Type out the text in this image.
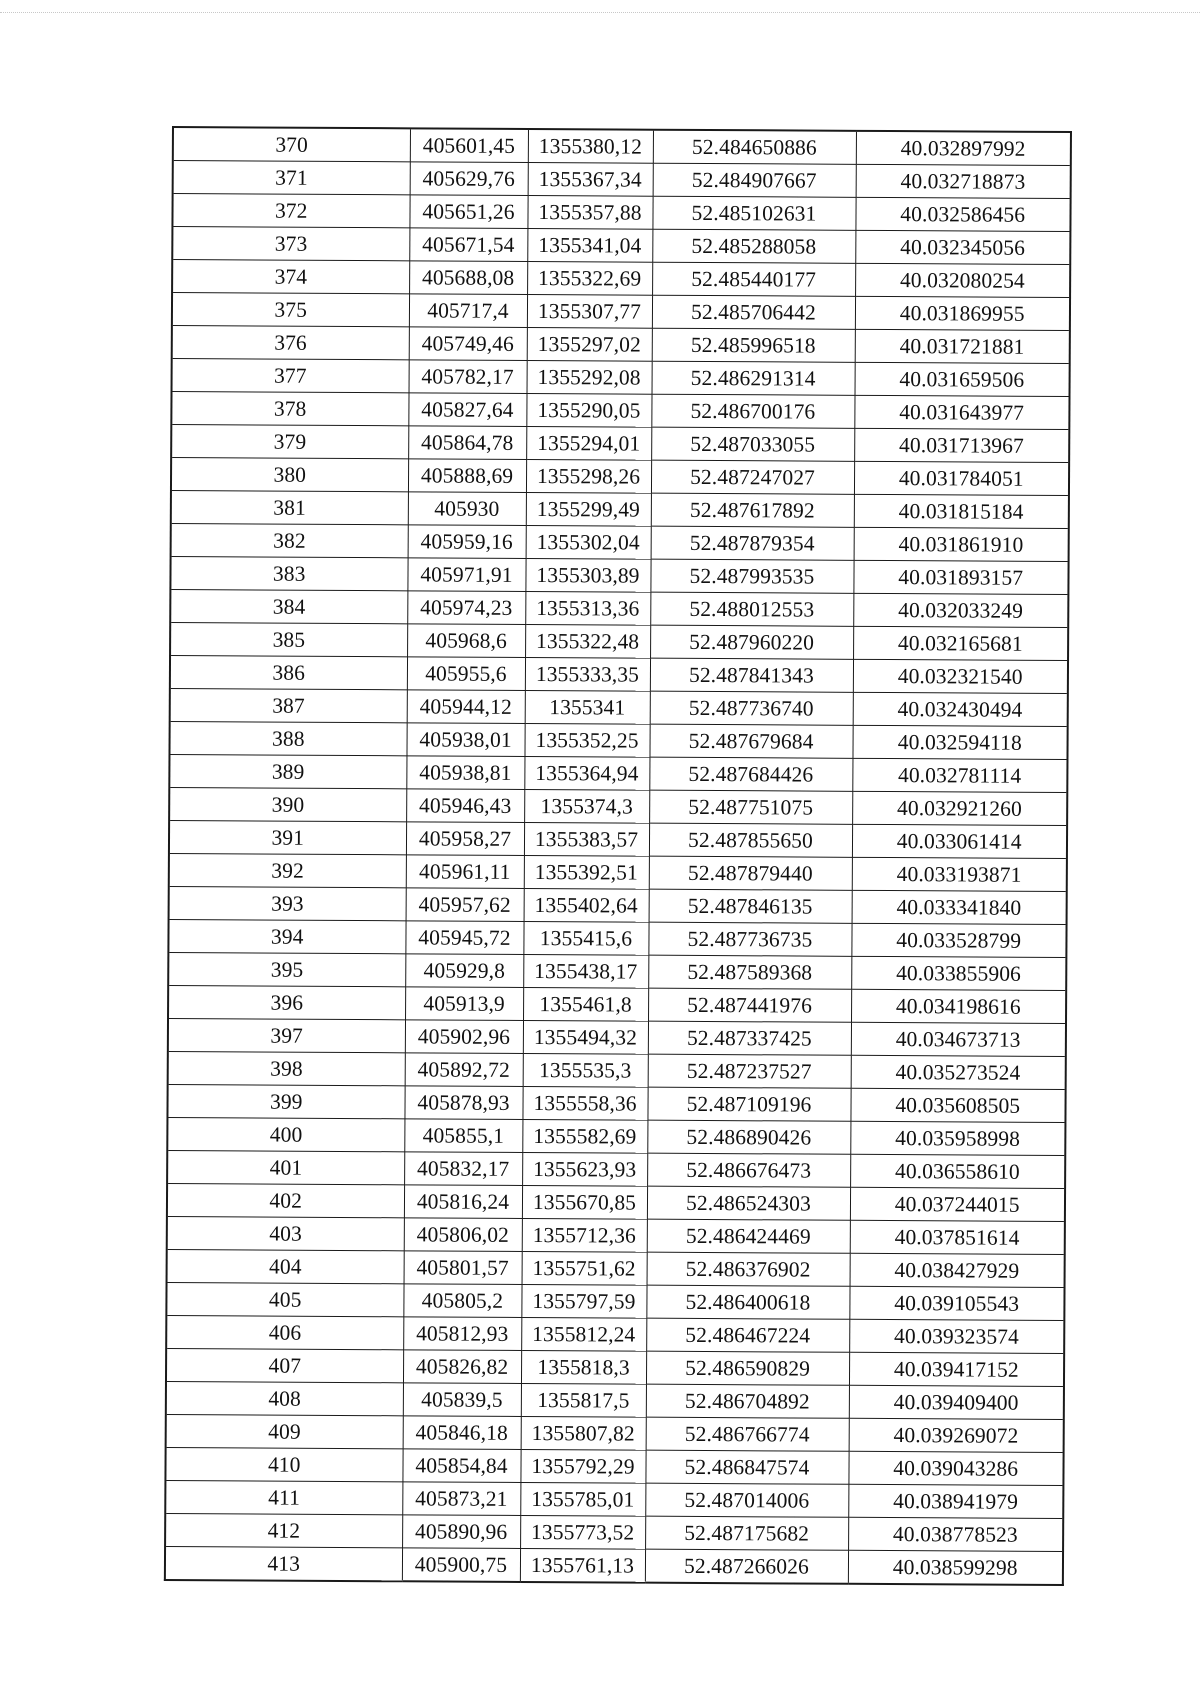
370	405601,45	1355380,12	52.484650886	40.032897992
371	405629,76	1355367,34	52.484907667	40.032718873
372	405651,26	1355357,88	52.485102631	40.032586456
373	405671,54	1355341,04	52.485288058	40.032345056
374	405688,08	1355322,69	52.485440177	40.032080254
375	405717,4	1355307,77	52.485706442	40.031869955
376	405749,46	1355297,02	52.485996518	40.031721881
377	405782,17	1355292,08	52.486291314	40.031659506
378	405827,64	1355290,05	52.486700176	40.031643977
379	405864,78	1355294,01	52.487033055	40.031713967
380	405888,69	1355298,26	52.487247027	40.031784051
381	405930	1355299,49	52.487617892	40.031815184
382	405959,16	1355302,04	52.487879354	40.031861910
383	405971,91	1355303,89	52.487993535	40.031893157
384	405974,23	1355313,36	52.488012553	40.032033249
385	405968,6	1355322,48	52.487960220	40.032165681
386	405955,6	1355333,35	52.487841343	40.032321540
387	405944,12	1355341	52.487736740	40.032430494
388	405938,01	1355352,25	52.487679684	40.032594118
389	405938,81	1355364,94	52.487684426	40.032781114
390	405946,43	1355374,3	52.487751075	40.032921260
391	405958,27	1355383,57	52.487855650	40.033061414
392	405961,11	1355392,51	52.487879440	40.033193871
393	405957,62	1355402,64	52.487846135	40.033341840
394	405945,72	1355415,6	52.487736735	40.033528799
395	405929,8	1355438,17	52.487589368	40.033855906
396	405913,9	1355461,8	52.487441976	40.034198616
397	405902,96	1355494,32	52.487337425	40.034673713
398	405892,72	1355535,3	52.487237527	40.035273524
399	405878,93	1355558,36	52.487109196	40.035608505
400	405855,1	1355582,69	52.486890426	40.035958998
401	405832,17	1355623,93	52.486676473	40.036558610
402	405816,24	1355670,85	52.486524303	40.037244015
403	405806,02	1355712,36	52.486424469	40.037851614
404	405801,57	1355751,62	52.486376902	40.038427929
405	405805,2	1355797,59	52.486400618	40.039105543
406	405812,93	1355812,24	52.486467224	40.039323574
407	405826,82	1355818,3	52.486590829	40.039417152
408	405839,5	1355817,5	52.486704892	40.039409400
409	405846,18	1355807,82	52.486766774	40.039269072
410	405854,84	1355792,29	52.486847574	40.039043286
411	405873,21	1355785,01	52.487014006	40.038941979
412	405890,96	1355773,52	52.487175682	40.038778523
413	405900,75	1355761,13	52.487266026	40.038599298
